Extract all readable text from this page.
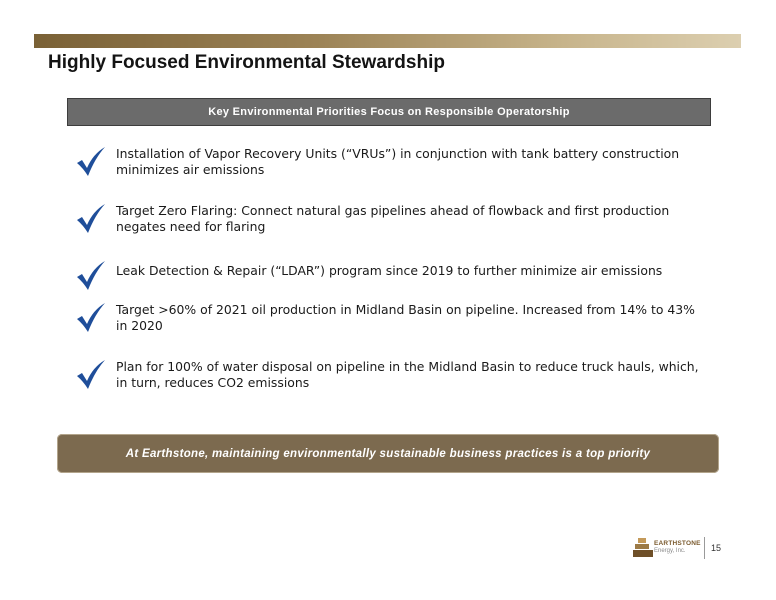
Highly Focused Environmental Stewardship
Key Environmental Priorities Focus on Responsible Operatorship
Installation of Vapor Recovery Units (“VRUs”) in conjunction with tank battery construction minimizes air emissions
Target Zero Flaring: Connect natural gas pipelines ahead of flowback and first production negates need for flaring
Leak Detection & Repair (“LDAR”) program since 2019 to further minimize air emissions
Target >60% of 2021 oil production in Midland Basin on pipeline. Increased from 14% to 43% in 2020
Plan for 100% of water disposal on pipeline in the Midland Basin to reduce truck hauls, which, in turn, reduces CO2 emissions
At Earthstone, maintaining environmentally sustainable business practices is a top priority
EARTHSTONE
Energy, Inc.	15
